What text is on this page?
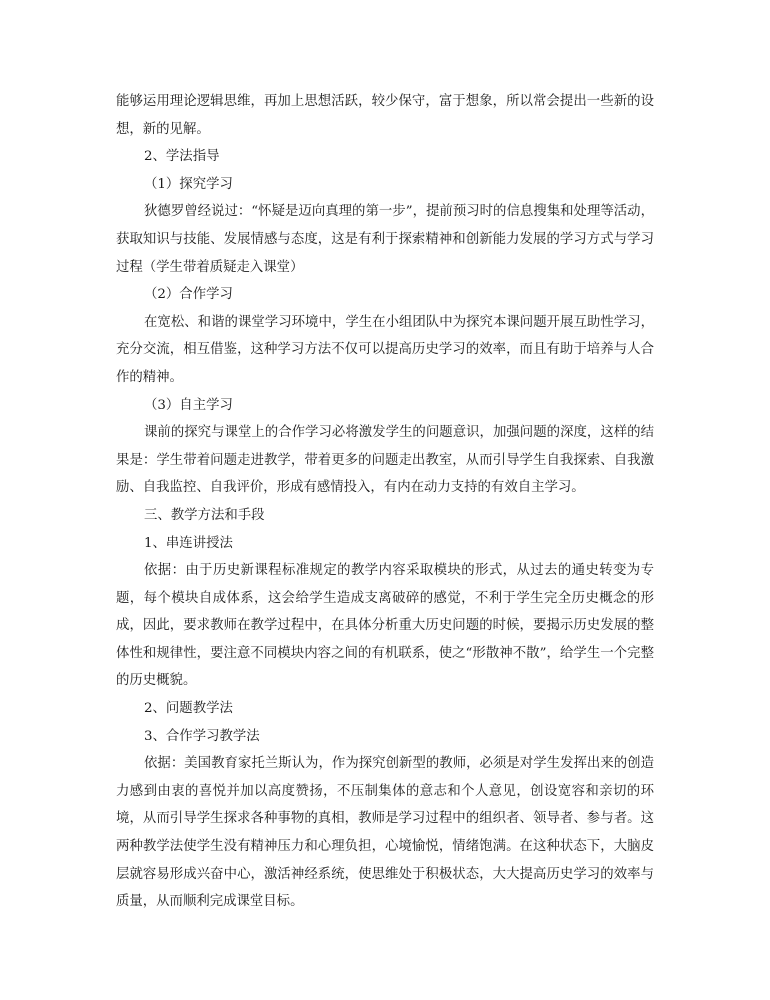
能够运用理论逻辑思维，再加上思想活跃，较少保守，富于想象，所以常会提出一些新的设想，新的见解。

2、学法指导

（1）探究学习

狄德罗曾经说过：“怀疑是迈向真理的第一步”，提前预习时的信息搜集和处理等活动，获取知识与技能、发展情感与态度，这是有利于探索精神和创新能力发展的学习方式与学习过程（学生带着质疑走入课堂）

（2）合作学习

在宽松、和谐的课堂学习环境中，学生在小组团队中为探究本课问题开展互助性学习，充分交流，相互借鉴，这种学习方法不仅可以提高历史学习的效率，而且有助于培养与人合作的精神。

（3）自主学习

课前的探究与课堂上的合作学习必将激发学生的问题意识，加强问题的深度，这样的结果是：学生带着问题走进教学，带着更多的问题走出教室，从而引导学生自我探索、自我激励、自我监控、自我评价，形成有感情投入，有内在动力支持的有效自主学习。

三、教学方法和手段

1、串连讲授法

依据：由于历史新课程标准规定的教学内容采取模块的形式，从过去的通史转变为专题，每个模块自成体系，这会给学生造成支离破碎的感觉，不利于学生完全历史概念的形成，因此，要求教师在教学过程中，在具体分析重大历史问题的时候，要揭示历史发展的整体性和规律性，要注意不同模块内容之间的有机联系，使之“形散神不散”，给学生一个完整的历史概貌。

2、问题教学法

3、合作学习教学法

依据：美国教育家托兰斯认为，作为探究创新型的教师，必须是对学生发挥出来的创造力感到由衷的喜悦并加以高度赞扬，不压制集体的意志和个人意见，创设宽容和亲切的环境，从而引导学生探求各种事物的真相，教师是学习过程中的组织者、领导者、参与者。这两种教学法使学生没有精神压力和心理负担，心境愉悦，情绪饱满。在这种状态下，大脑皮层就容易形成兴奋中心，激活神经系统，使思维处于积极状态，大大提高历史学习的效率与质量，从而顺利完成课堂目标。
